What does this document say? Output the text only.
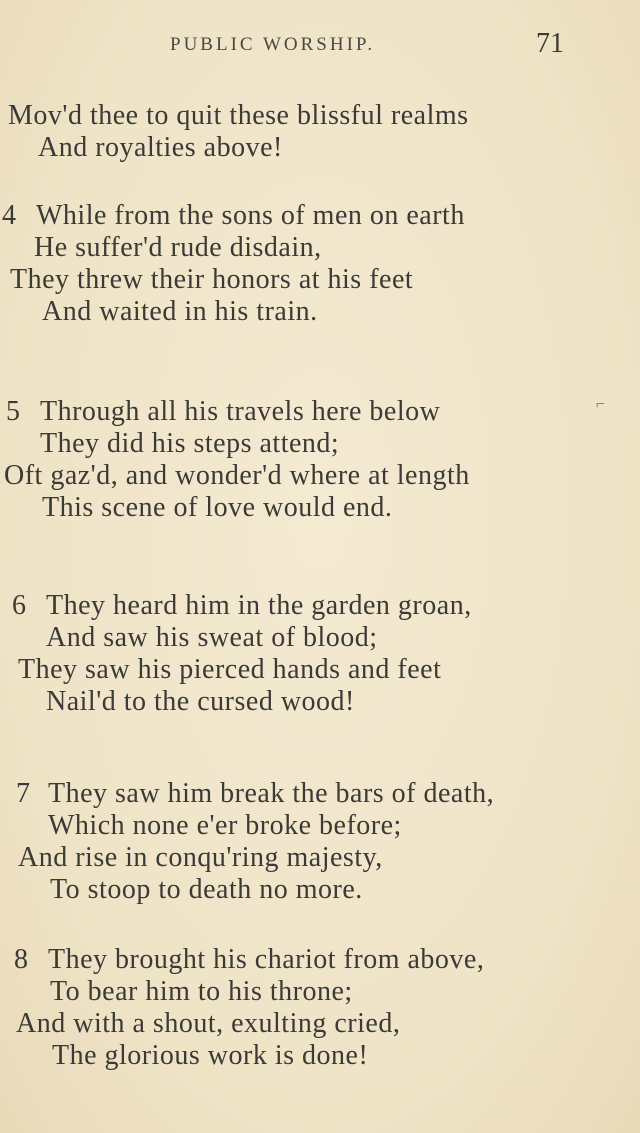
PUBLIC WORSHIP.	71
Mov'd thee to quit these blissful realms
And royalties above!
4 While from the sons of men on earth
He suffer'd rude disdain,
They threw their honors at his feet
And waited in his train.
5 Through all his travels here below	⌐
They did his steps attend;
Oft gaz'd, and wonder'd where at length
This scene of love would end.
6 They heard him in the garden groan,
And saw his sweat of blood;
They saw his pierced hands and feet
Nail'd to the cursed wood!
7 They saw him break the bars of death,
Which none e'er broke before;
And rise in conqu'ring majesty,
To stoop to death no more.
8 They brought his chariot from above,
To bear him to his throne;
And with a shout, exulting cried,
The glorious work is done!
